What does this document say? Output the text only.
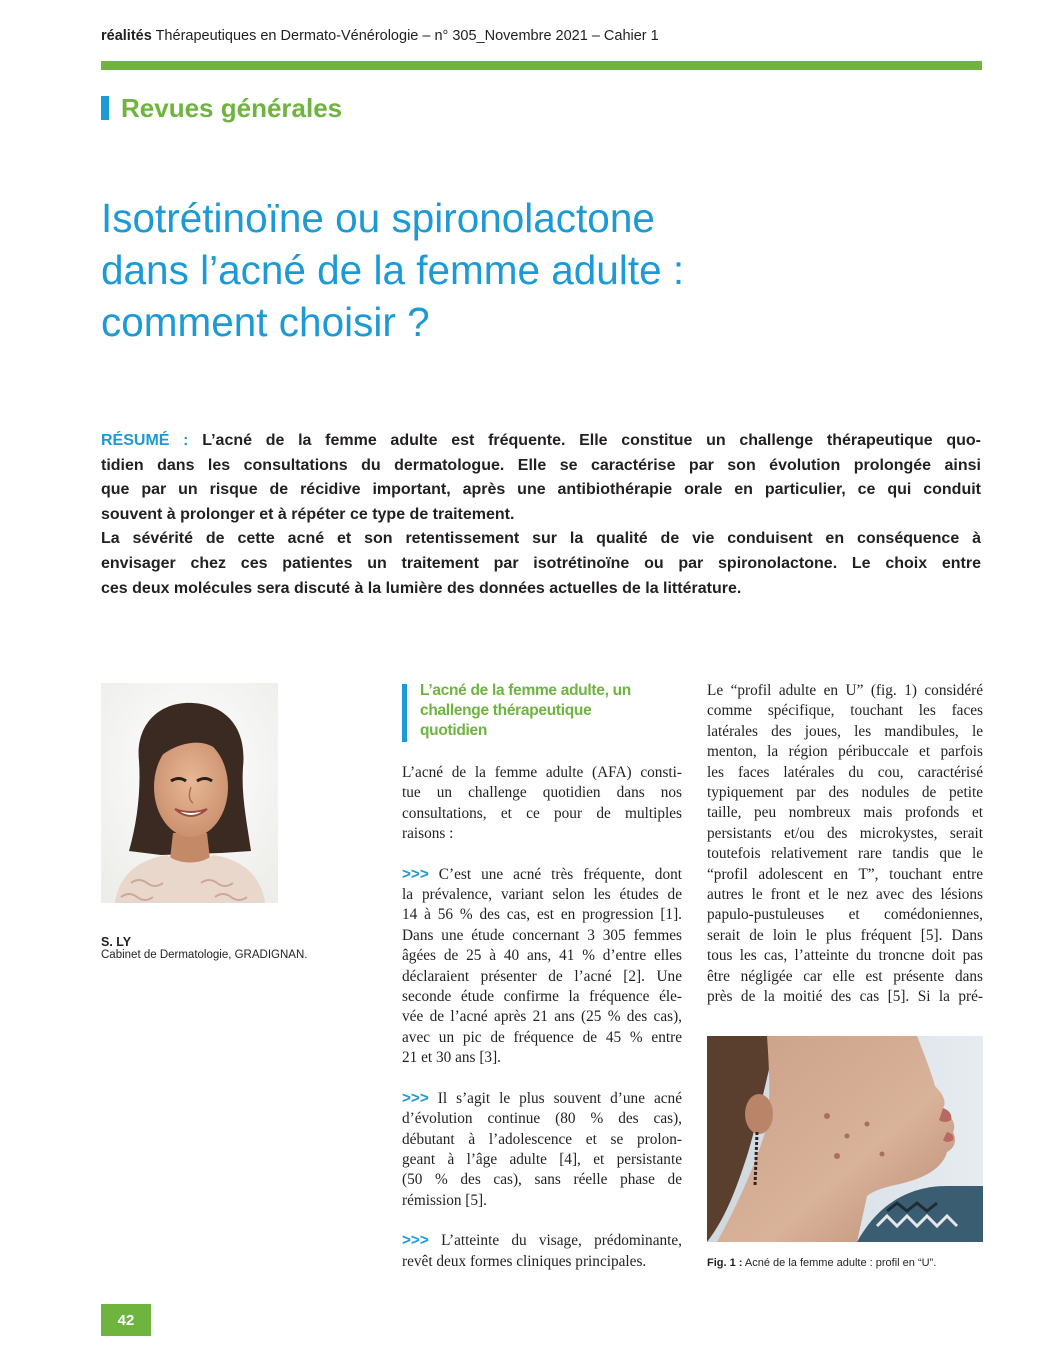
réalités Thérapeutiques en Dermato-Vénérologie – n° 305_Novembre 2021 – Cahier 1
Revues générales
Isotrétinoïne ou spironolactone
dans l’acné de la femme adulte :
comment choisir ?
RÉSUMÉ : L’acné de la femme adulte est fréquente. Elle constitue un challenge thérapeutique quo-
tidien dans les consultations du dermatologue. Elle se caractérise par son évolution prolongée ainsi
que par un risque de récidive important, après une antibiothérapie orale en particulier, ce qui conduit
souvent à prolonger et à répéter ce type de traitement.
La sévérité de cette acné et son retentissement sur la qualité de vie conduisent en conséquence à
envisager chez ces patientes un traitement par isotrétinoïne ou par spironolactone. Le choix entre
ces deux molécules sera discuté à la lumière des données actuelles de la littérature.
S. LY
Cabinet de Dermatologie, GRADIGNAN.
L’acné de la femme adulte, un
challenge thérapeutique
quotidien
L’acné de la femme adulte (AFA) consti-
tue un challenge quotidien dans nos
consultations, et ce pour de multiples
raisons :
>>> C’est une acné très fréquente, dont
la prévalence, variant selon les études de
14 à 56 % des cas, est en progression [1].
Dans une étude concernant 3 305 femmes
âgées de 25 à 40 ans, 41 % d’entre elles
déclaraient présenter de l’acné [2]. Une
seconde étude confirme la fréquence éle-
vée de l’acné après 21 ans (25 % des cas),
avec un pic de fréquence de 45 % entre
21 et 30 ans [3].
>>> Il s’agit le plus souvent d’une acné
d’évolution continue (80 % des cas),
débutant à l’adolescence et se prolon-
geant à l’âge adulte [4], et persistante
(50 % des cas), sans réelle phase de
rémission [5].
>>> L’atteinte du visage, prédominante,
revêt deux formes cliniques principales.
Le “profil adulte en U” (fig. 1) considéré
comme spécifique, touchant les faces
latérales des joues, les mandibules, le
menton, la région péribuccale et parfois
les faces latérales du cou, caractérisé
typiquement par des nodules de petite
taille, peu nombreux mais profonds et
persistants et/ou des microkystes, serait
toutefois relativement rare tandis que le
“profil adolescent en T”, touchant entre
autres le front et le nez avec des lésions
papulo-pustuleuses et comédoniennes,
serait de loin le plus fréquent [5]. Dans
tous les cas, l’atteinte du troncne doit pas
être négligée car elle est présente dans
près de la moitié des cas [5]. Si la pré-
Fig. 1 : Acné de la femme adulte : profil en “U”.
42
